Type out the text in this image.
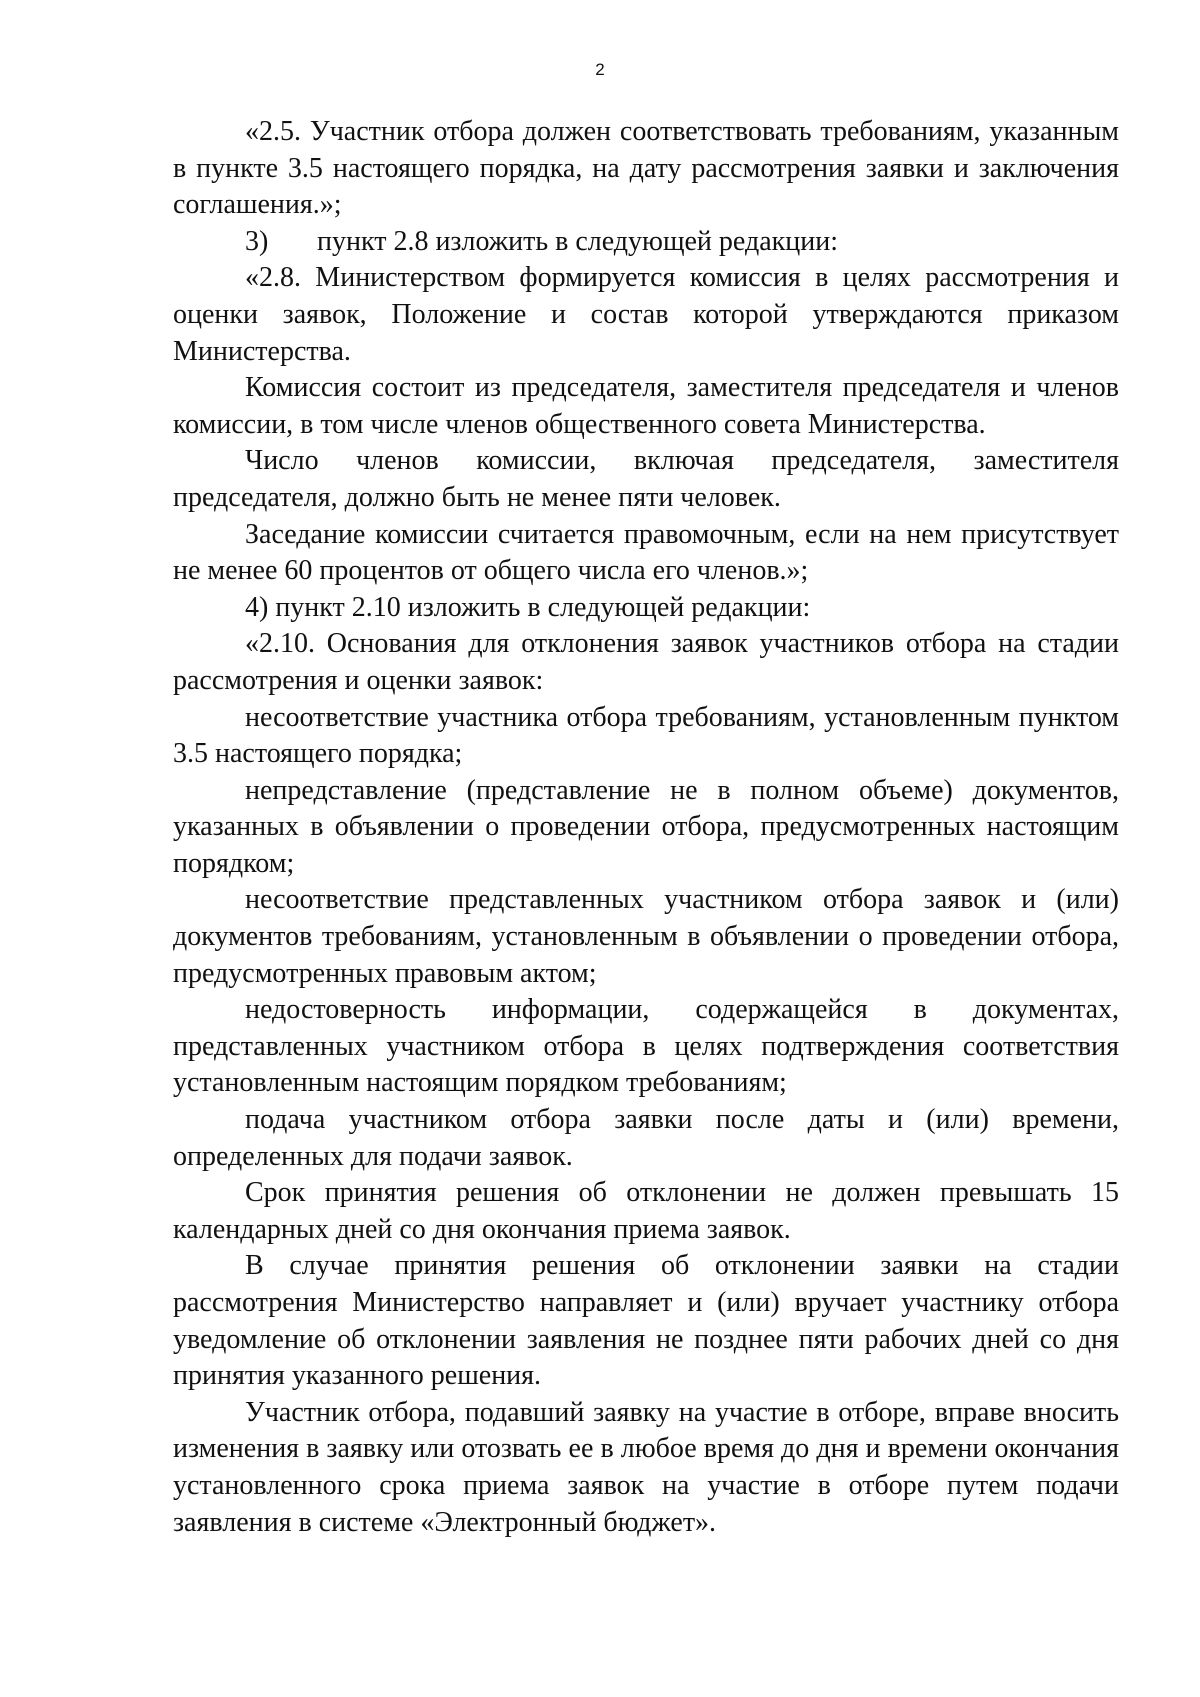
2

«2.5. Участник отбора должен соответствовать требованиям, указанным в пункте 3.5 настоящего порядка, на дату рассмотрения заявки и заключения соглашения.»;

3) пункт 2.8 изложить в следующей редакции:

«2.8. Министерством формируется комиссия в целях рассмотрения и оценки заявок, Положение и состав которой утверждаются приказом Министерства.

Комиссия состоит из председателя, заместителя председателя и членов комиссии, в том числе членов общественного совета Министерства.

Число членов комиссии, включая председателя, заместителя председателя, должно быть не менее пяти человек.

Заседание комиссии считается правомочным, если на нем присутствует не менее 60 процентов от общего числа его членов.»;

4) пункт 2.10 изложить в следующей редакции:

«2.10. Основания для отклонения заявок участников отбора на стадии рассмотрения и оценки заявок:

несоответствие участника отбора требованиям, установленным пунктом 3.5 настоящего порядка;

непредставление (представление не в полном объеме) документов, указанных в объявлении о проведении отбора, предусмотренных настоящим порядком;

несоответствие представленных участником отбора заявок и (или) документов требованиям, установленным в объявлении о проведении отбора, предусмотренных правовым актом;

недостоверность информации, содержащейся в документах, представленных участником отбора в целях подтверждения соответствия установленным настоящим порядком требованиям;

подача участником отбора заявки после даты и (или) времени, определенных для подачи заявок.

Срок принятия решения об отклонении не должен превышать 15 календарных дней со дня окончания приема заявок.

В случае принятия решения об отклонении заявки на стадии рассмотрения Министерство направляет и (или) вручает участнику отбора уведомление об отклонении заявления не позднее пяти рабочих дней со дня принятия указанного решения.

Участник отбора, подавший заявку на участие в отборе, вправе вносить изменения в заявку или отозвать ее в любое время до дня и времени окончания установленного срока приема заявок на участие в отборе путем подачи заявления в системе «Электронный бюджет».
